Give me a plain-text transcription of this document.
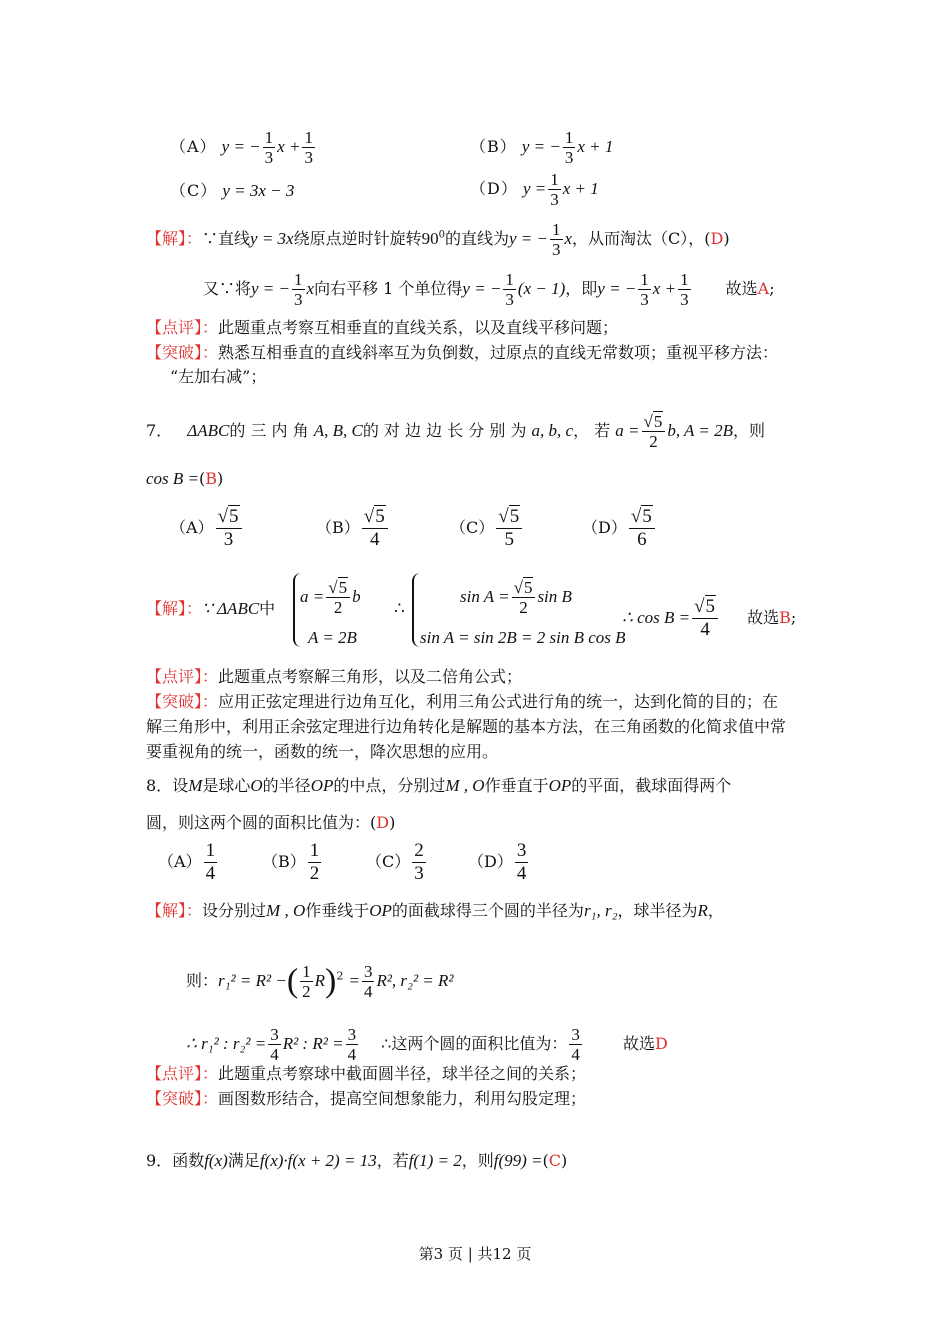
（A） y = − $\frac{1}{3}$ $x + \frac{1}{3}$	（B） y = − $\frac{1}{3}$ x + 1
（C） y = 3x − 3	（D） $y = \frac{1}{3}$ x + 1
【解】：∵直线y = 3x绕原点逆时针旋转$90^0$的直线为y = − $\frac{1}{3}$ x，从而淘汰（C），(D)
又∵将y = − $\frac{1}{3}$ x向右平移 1 个单位得y = − $\frac{1}{3} (x - 1)$，即y = − $\frac{1}{3}$ $x + \frac{1}{3}$ 故选A;
【点评】：此题重点考察互相垂直的直线关系，以及直线平移问题；
【突破】：熟悉互相垂直的直线斜率互为负倒数，过原点的直线无常数项；重视平移方法：
“左加右减”；
7． ΔABC的 三 内 角 A, B, C的 对 边 边 长 分 别 为 a, b, c， 若 $a = \frac{√5}{2} b$, A = 2B，则
cos B =(B)
$(A) \frac{√5}{3}$	$(B) \frac{√5}{4}$	$(C) \frac{√5}{5}$	$(D) \frac{√5}{6}$
【解】：∵ ΔABC中
$a = \frac{√5}{2}$ b
A = 2B
∴
$\sin A = \frac{√5}{2}$ sin B
sin A = sin 2B = 2 sin B cos B
∴ $\cos B = \frac{√5}{4}$ 故选B;
【点评】：此题重点考察解三角形，以及二倍角公式；
【突破】：应用正弦定理进行边角互化，利用三角公式进行角的统一，达到化简的目的；在
解三角形中，利用正余弦定理进行边角转化是解题的基本方法，在三角函数的化简求值中常
要重视角的统一，函数的统一，降次思想的应用。
8．设M是球心O的半径OP的中点，分别过M , O作垂直于OP的平面，截球面得两个
圆，则这两个圆的面积比值为：(D)
$(A) \frac{1}{4}$	$(B) \frac{1}{2}$	$(C) \frac{2}{3}$	$(D) \frac{3}{4}$
【解】：设分别过M , O作垂线于OP的面截球得三个圆的半径为r₁, r₂，球半径为R，
则：r₁² = R² −( $\frac{1}{2} R)^2 = \frac{3}{4} R^2$, r₂² = R²
∴ r₁² : $r_2^2 = \frac{3}{4} R^2$ : $R^2 = \frac{3}{4}$ ∴这两个圆的面积比值为： $\frac{3}{4}$	故选D
【点评】：此题重点考察球中截面圆半径，球半径之间的关系；
【突破】：画图数形结合，提高空间想象能力，利用勾股定理；
9．函数f(x)满足f(x)·f(x + 2) = 13，若f(1) = 2，则f(99) =(C)
第3 页 | 共12 页
